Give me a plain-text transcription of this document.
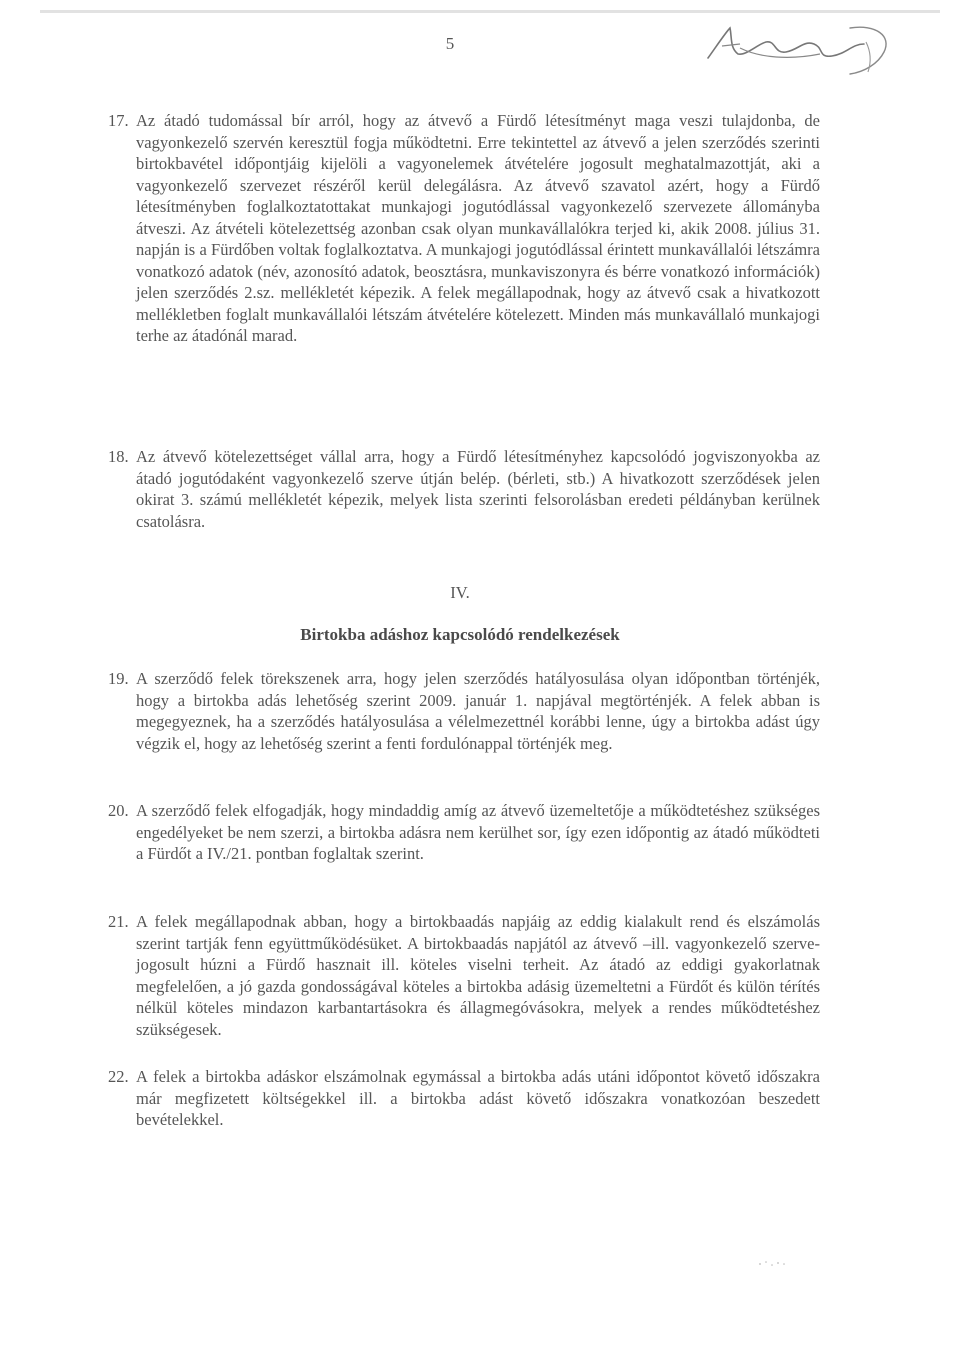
5
17. Az átadó tudomással bír arról, hogy az átvevő a Fürdő létesítményt maga veszi tulajdonba, de vagyonkezelő szervén keresztül fogja működtetni. Erre tekintettel az átvevő a jelen szerződés szerinti birtokbavétel időpontjáig kijelöli a vagyonelemek átvételére jogosult meghatalmazottját, aki a vagyonkezelő szervezet részéről kerül delegálásra. Az átvevő szavatol azért, hogy a Fürdő létesítményben foglalkoztatottakat munkajogi jogutódlással vagyonkezelő szervezete állományba átveszi. Az átvételi kötelezettség azonban csak olyan munkavállalókra terjed ki, akik 2008. július 31. napján is a Fürdőben voltak foglalkoztatva. A munkajogi jogutódlással érintett munkavállalói létszámra vonatkozó adatok (név, azonosító adatok, beosztásra, munkaviszonyra és bérre vonatkozó információk) jelen szerződés 2.sz. mellékletét képezik. A felek megállapodnak, hogy az átvevő csak a hivatkozott mellékletben foglalt munkavállalói létszám átvételére kötelezett. Minden más munkavállaló munkajogi terhe az átadónál marad.
18. Az átvevő kötelezettséget vállal arra, hogy a Fürdő létesítményhez kapcsolódó jogviszonyokba az átadó jogutódaként vagyonkezelő szerve útján belép. (bérleti, stb.) A hivatkozott szerződések jelen okirat 3. számú mellékletét képezik, melyek lista szerinti felsorolásban eredeti példányban kerülnek csatolásra.
IV.
Birtokba adáshoz kapcsolódó rendelkezések
19. A szerződő felek törekszenek arra, hogy jelen szerződés hatályosulása olyan időpontban történjék, hogy a birtokba adás lehetőség szerint 2009. január 1. napjával megtörténjék. A felek abban is megegyeznek, ha a szerződés hatályosulása a vélelmezettnél korábbi lenne, úgy a birtokba adást úgy végzik el, hogy az lehetőség szerint a fenti fordulónappal történjék meg.
20. A szerződő felek elfogadják, hogy mindaddig amíg az átvevő üzemeltetője a működtetéshez szükséges engedélyeket be nem szerzi, a birtokba adásra nem kerülhet sor, így ezen időpontig az átadó működteti a Fürdőt a IV./21. pontban foglaltak szerint.
21. A felek megállapodnak abban, hogy a birtokbaadás napjáig az eddig kialakult rend és elszámolás szerint tartják fenn együttműködésüket. A birtokbaadás napjától az átvevő –ill. vagyonkezelő szerve- jogosult húzni a Fürdő hasznait ill. köteles viselni terheit. Az átadó az eddigi gyakorlatnak megfelelően, a jó gazda gondosságával köteles a birtokba adásig üzemeltetni a Fürdőt és külön térítés nélkül köteles mindazon karbantartásokra és állagmegóvásokra, melyek a rendes működtetéshez szükségesek.
22. A felek a birtokba adáskor elszámolnak egymással a birtokba adás utáni időpontot követő időszakra már megfizetett költségekkel ill. a birtokba adást követő időszakra vonatkozóan beszedett bevételekkel.
